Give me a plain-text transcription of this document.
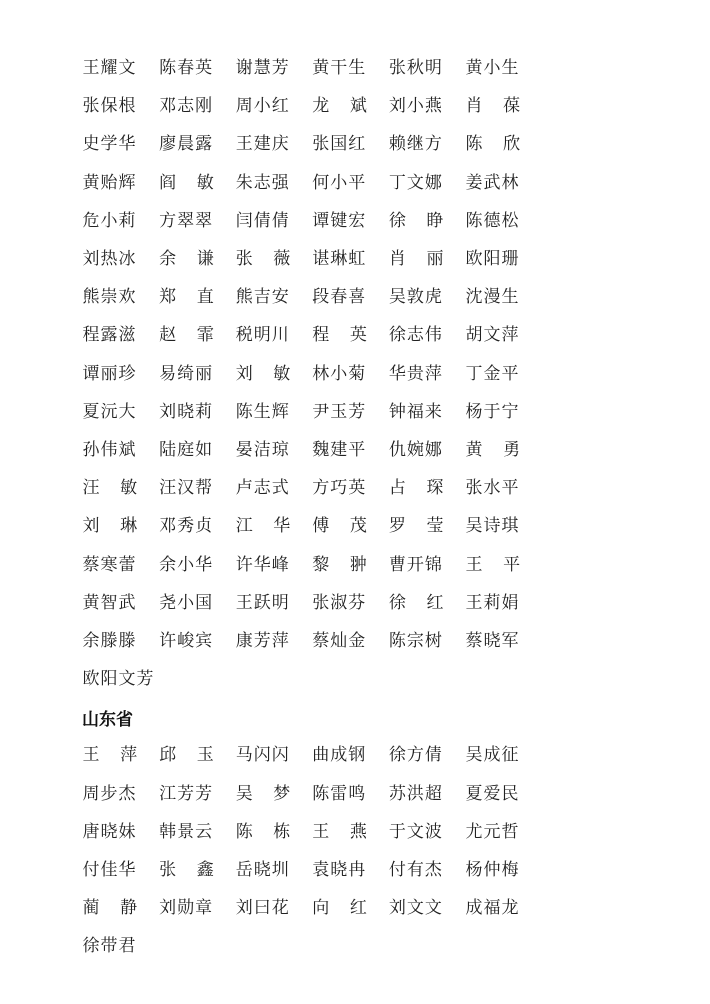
王 耀 文 陈 春 英 谢 慧 芳 黄 干 生 张 秋 明 黄 小 生
张 保 根 邓 志 刚 周 小 红 龙 斌 刘 小 燕 肖 葆
史 学 华 廖 晨 露 王 建 庆 张 国 红 赖 继 方 陈 欣
黄 贻 辉 阎 敏 朱 志 强 何 小 平 丁 文 娜 姜 武 林
危 小 莉 方 翠 翠 闫 倩 倩 谭 键 宏 徐 睁 陈 德 松
刘 热 冰 余 谦 张 薇 谌 琳 虹 肖 丽 欧 阳 珊
熊 崇 欢 郑 直 熊 吉 安 段 春 喜 吴 敦 虎 沈 漫 生
程 露 滋 赵 霏 税 明 川 程 英 徐 志 伟 胡 文 萍
谭 丽 珍 易 绮 丽 刘 敏 林 小 菊 华 贵 萍 丁 金 平
夏 沅 大 刘 晓 莉 陈 生 辉 尹 玉 芳 钟 福 来 杨 于 宁
孙 伟 斌 陆 庭 如 晏 洁 琼 魏 建 平 仇 婉 娜 黄 勇
汪 敏 汪 汉 帮 卢 志 式 方 巧 英 占 琛 张 水 平
刘 琳 邓 秀 贞 江 华 傅 茂 罗 莹 吴 诗 琪
蔡 寒 蕾 余 小 华 许 华 峰 黎 翀 曹 开 锦 王 平
黄 智 武 尧 小 国 王 跃 明 张 淑 芬 徐 红 王 莉 娟
余 滕 滕 许 峻 宾 康 芳 萍 蔡 灿 金 陈 宗 树 蔡 晓 军
欧 阳 文 芳
山东省
王 萍 邱 玉 马 闪 闪 曲 成 钢 徐 方 倩 吴 成 征
周 步 杰 江 芳 芳 吴 梦 陈 雷 鸣 苏 洪 超 夏 爱 民
唐 晓 妹 韩 景 云 陈 栋 王 燕 于 文 波 尤 元 哲
付 佳 华 张 鑫 岳 晓 圳 袁 晓 冉 付 有 杰 杨 仲 梅
蔺 静 刘 勋 章 刘 曰 花 向 红 刘 文 文 成 福 龙
徐 带 君
